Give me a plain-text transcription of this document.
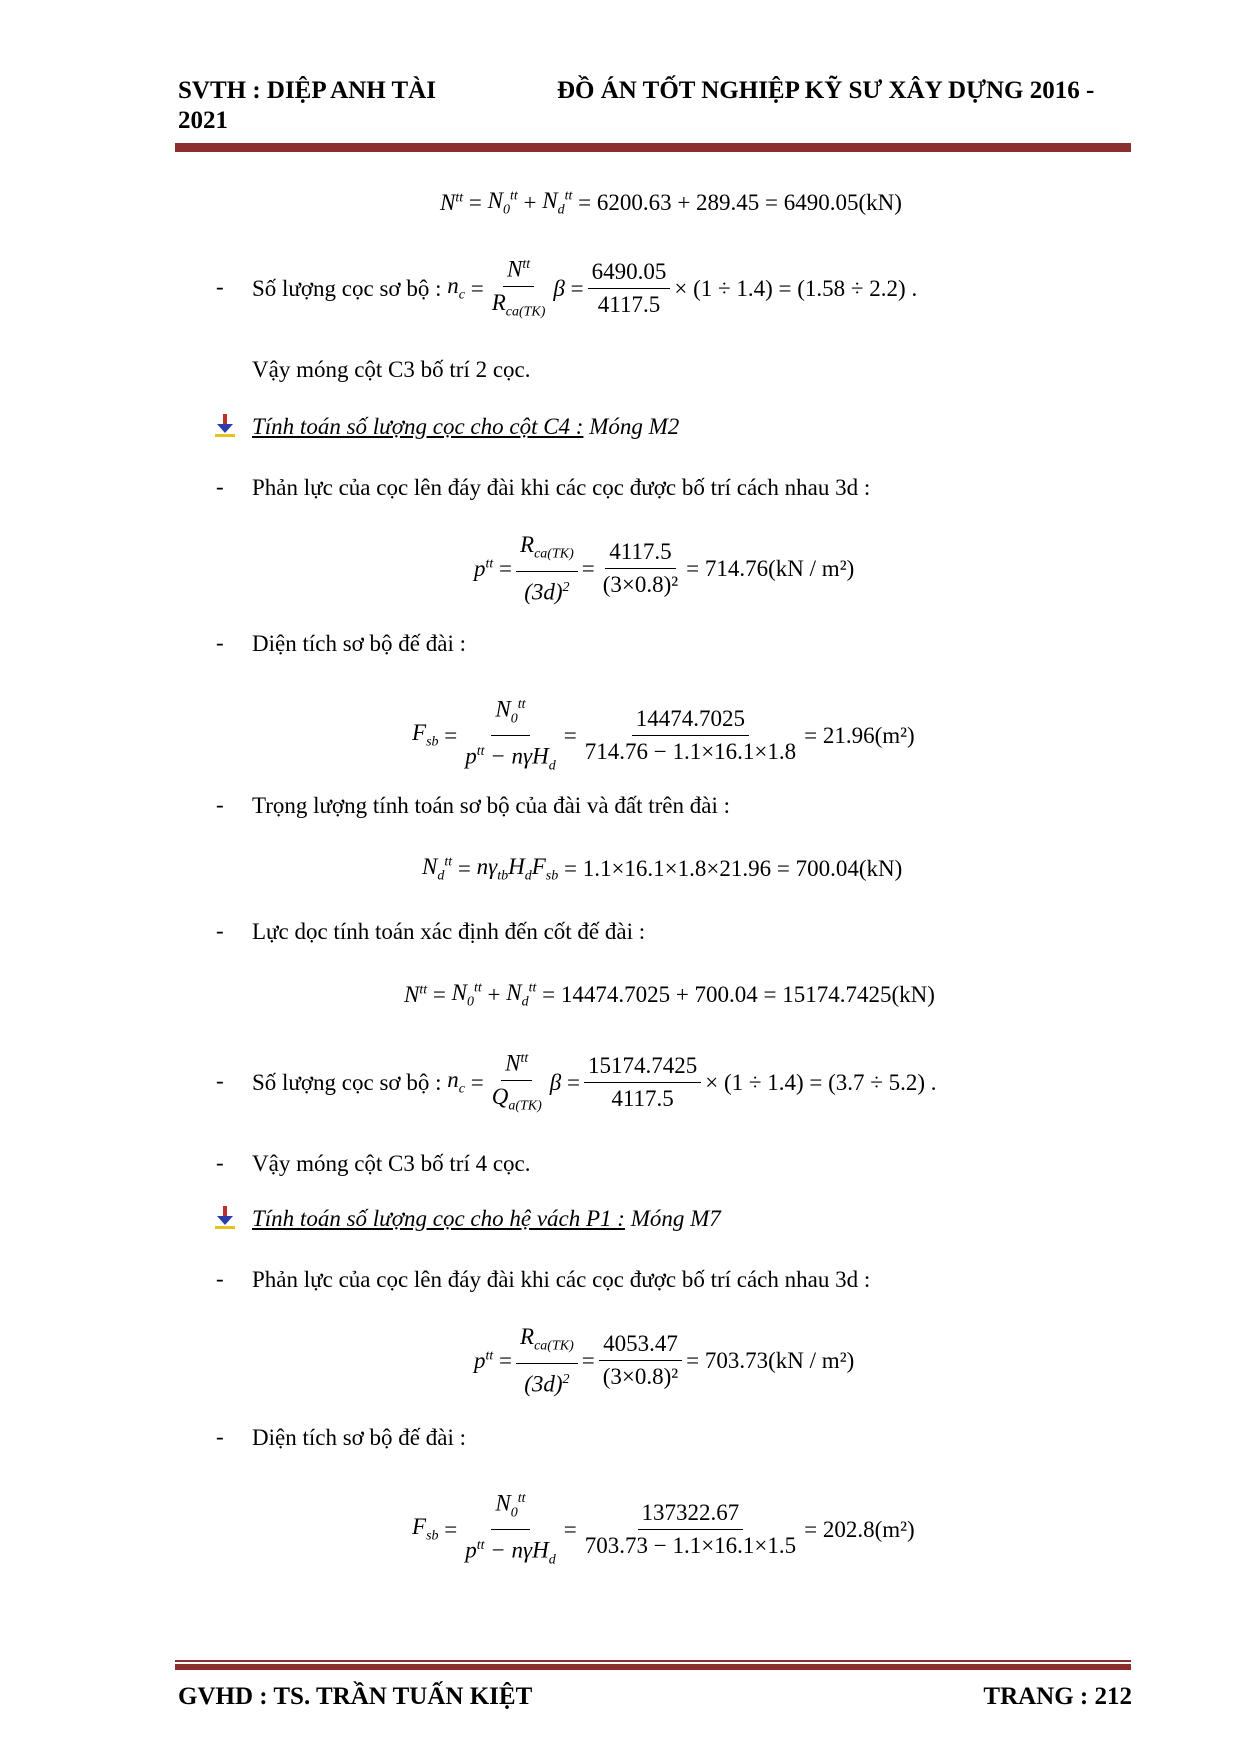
SVTH : DIỆP ANH TÀI	ĐỒ ÁN TỐT NGHIỆP KỸ SƯ XÂY DỰNG 2016 -
2021
$N^{tt} = N_0^{tt} + N_d^{tt}$
= 6200.63 + 289.45 = 6490.05(kN)
- Số lượng cọc sơ bộ :
$n_c = \frac{N^{tt}}{R_{ca(TK)}}$ $\beta = \frac{6490.05}{4117.5} \times (1 \div 1.4) = (1.58 \div 2.2)$ .
Vậy móng cột C3 bố trí 2 cọc.
Tính toán số lượng cọc cho cột C4 : Móng M2
- Phản lực của cọc lên đáy đài khi các cọc được bố trí cách nhau 3d :
$p^{tt} = \frac{R_{ca(TK)}}{(3d)^2} = \frac{4117.5}{\text{(3×0.8)²}} = 714.76(kN / m^2)$
- Diện tích sơ bộ đế đài :
$F_{sb} = \frac{N_0^{tt}}{p^{tt} - n\gamma H_d} = \frac{14474.7025}{714.76 - 1.1\times 16.1\times 1.8} = 21.96(m^2)$
- Trọng lượng tính toán sơ bộ của đài và đất trên đài :
$N_d^{tt} = n\gamma_{tb}H_dF_{sb}$
= 1.1×16.1×1.8×21.96 = 700.04(kN)
- Lực dọc tính toán xác định đến cốt đế đài :
$N^{tt} = N_0^{tt} + N_d^{tt}$
= 14474.7025 + 700.04 = 15174.7425(kN)
- Số lượng cọc sơ bộ :
$n_c = \frac{N^{tt}}{Q_{a(TK)}}$ $\beta = \frac{15174.7425}{4117.5} \times (1 \div 1.4) = (3.7 \div 5.2)$ .
- Vậy móng cột C3 bố trí 4 cọc.
Tính toán số lượng cọc cho hệ vách P1 : Móng M7
- Phản lực của cọc lên đáy đài khi các cọc được bố trí cách nhau 3d :
$p^{tt} = \frac{R_{ca(TK)}}{(3d)^2} = \frac{4053.47}{\text{(3×0.8)²}} = 703.73(kN / m^2)$
- Diện tích sơ bộ đế đài :
$F_{sb} = \frac{N_0^{tt}}{p^{tt} - n\gamma H_d} = \frac{137322.67}{703.73 - 1.1\times 16.1\times 1.5} = 202.8(m^2)$
GVHD : TS. TRẦN TUẤN KIỆT	TRANG : 212
